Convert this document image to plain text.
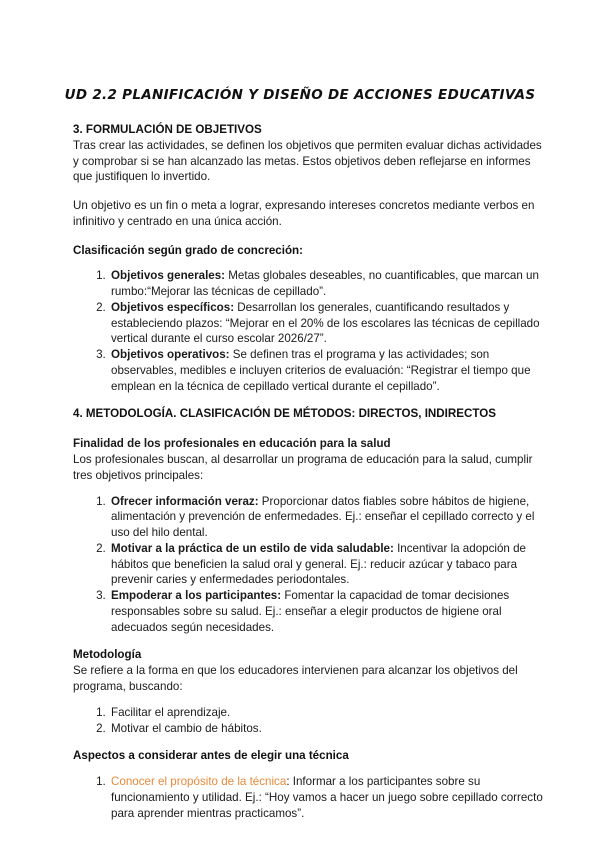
UD 2.2 PLANIFICACIÓN Y DISEÑO DE ACCIONES EDUCATIVAS

3. FORMULACIÓN DE OBJETIVOS

Tras crear las actividades, se definen los objetivos que permiten evaluar dichas actividades y comprobar si se han alcanzado las metas. Estos objetivos deben reflejarse en informes que justifiquen lo invertido.

Un objetivo es un fin o meta a lograr, expresando intereses concretos mediante verbos en infinitivo y centrado en una única acción.

Clasificación según grado de concreción:

1. Objetivos generales: Metas globales deseables, no cuantificables, que marcan un rumbo:“Mejorar las técnicas de cepillado”.
2. Objetivos específicos: Desarrollan los generales, cuantificando resultados y estableciendo plazos: “Mejorar en el 20% de los escolares las técnicas de cepillado vertical durante el curso escolar 2026/27”.
3. Objetivos operativos: Se definen tras el programa y las actividades; son observables, medibles e incluyen criterios de evaluación: “Registrar el tiempo que emplean en la técnica de cepillado vertical durante el cepillado”.

4. METODOLOGÍA. CLASIFICACIÓN DE MÉTODOS: DIRECTOS, INDIRECTOS

Finalidad de los profesionales en educación para la salud

Los profesionales buscan, al desarrollar un programa de educación para la salud, cumplir tres objetivos principales:

1. Ofrecer información veraz: Proporcionar datos fiables sobre hábitos de higiene, alimentación y prevención de enfermedades. Ej.: enseñar el cepillado correcto y el uso del hilo dental.
2. Motivar a la práctica de un estilo de vida saludable: Incentivar la adopción de hábitos que beneficien la salud oral y general. Ej.: reducir azúcar y tabaco para prevenir caries y enfermedades periodontales.
3. Empoderar a los participantes: Fomentar la capacidad de tomar decisiones responsables sobre su salud. Ej.: enseñar a elegir productos de higiene oral adecuados según necesidades.

Metodología

Se refiere a la forma en que los educadores intervienen para alcanzar los objetivos del programa, buscando:

1. Facilitar el aprendizaje.
2. Motivar el cambio de hábitos.

Aspectos a considerar antes de elegir una técnica

1. Conocer el propósito de la técnica: Informar a los participantes sobre su funcionamiento y utilidad. Ej.: “Hoy vamos a hacer un juego sobre cepillado correcto para aprender mientras practicamos”.
